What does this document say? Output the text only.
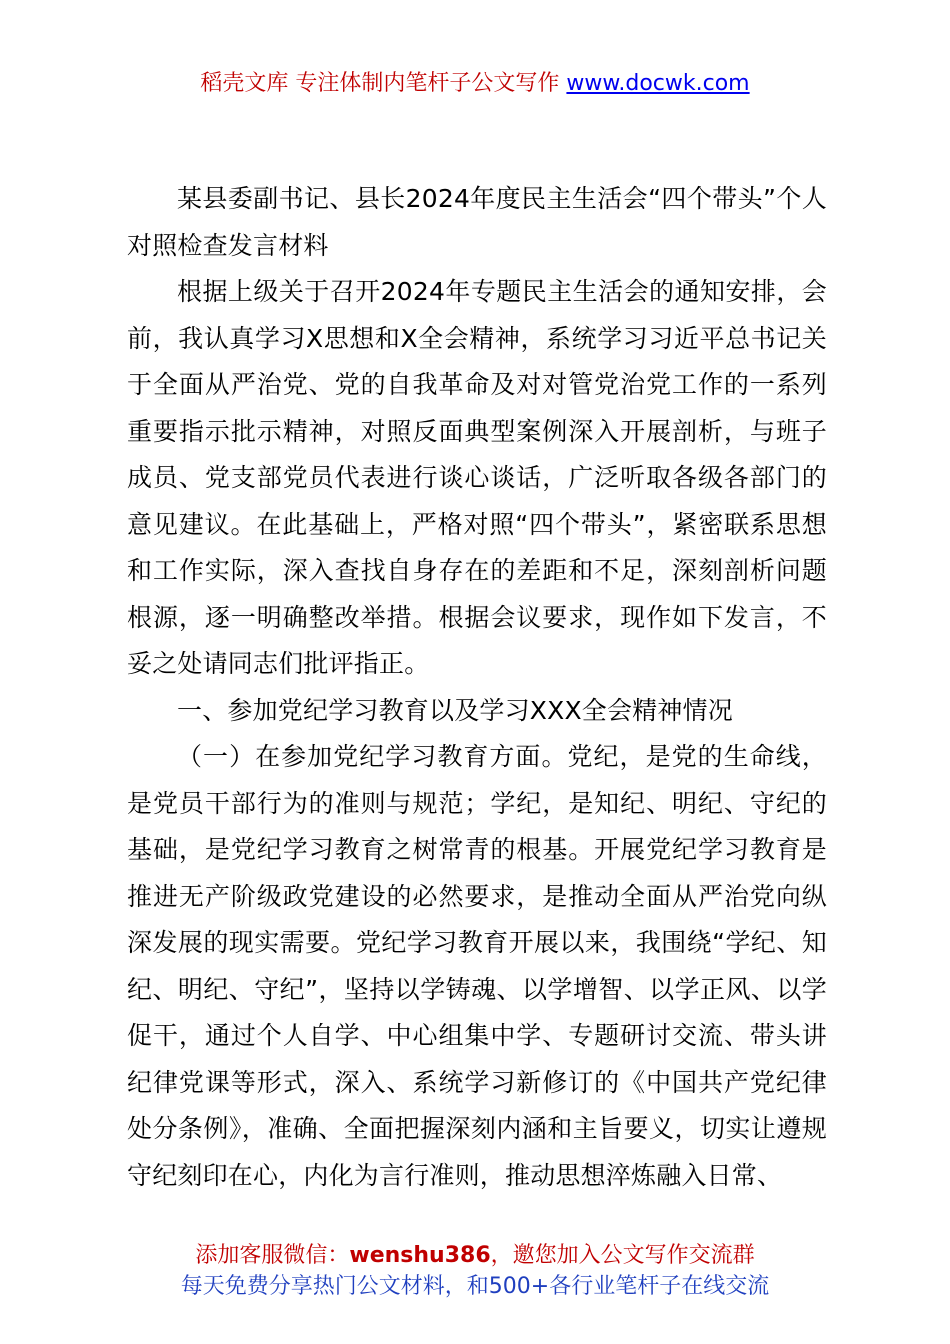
稻壳文库 专注体制内笔杆子公文写作 www.docwk.com

某县委副书记、县长2024年度民主生活会“四个带头”个人对照检查发言材料

根据上级关于召开2024年专题民主生活会的通知安排，会前，我认真学习X思想和X全会精神，系统学习习近平总书记关于全面从严治党、党的自我革命及对对管党治党工作的一系列重要指示批示精神，对照反面典型案例深入开展剖析，与班子成员、党支部党员代表进行谈心谈话，广泛听取各级各部门的意见建议。在此基础上，严格对照“四个带头”，紧密联系思想和工作实际，深入查找自身存在的差距和不足，深刻剖析问题根源，逐一明确整改举措。根据会议要求，现作如下发言，不妥之处请同志们批评指正。

一、参加党纪学习教育以及学习XXX全会精神情况

（一）在参加党纪学习教育方面。党纪，是党的生命线，是党员干部行为的准则与规范；学纪，是知纪、明纪、守纪的基础，是党纪学习教育之树常青的根基。开展党纪学习教育是推进无产阶级政党建设的必然要求，是推动全面从严治党向纵深发展的现实需要。党纪学习教育开展以来，我围绕“学纪、知纪、明纪、守纪”，坚持以学铸魂、以学增智、以学正风、以学促干，通过个人自学、中心组集中学、专题研讨交流、带头讲纪律党课等形式，深入、系统学习新修订的《中国共产党纪律处分条例》，准确、全面把握深刻内涵和主旨要义，切实让遵规守纪刻印在心，内化为言行准则，推动思想淬炼融入日常、

添加客服微信：wenshu386，邀您加入公文写作交流群
每天免费分享热门公文材料，和500+各行业笔杆子在线交流
